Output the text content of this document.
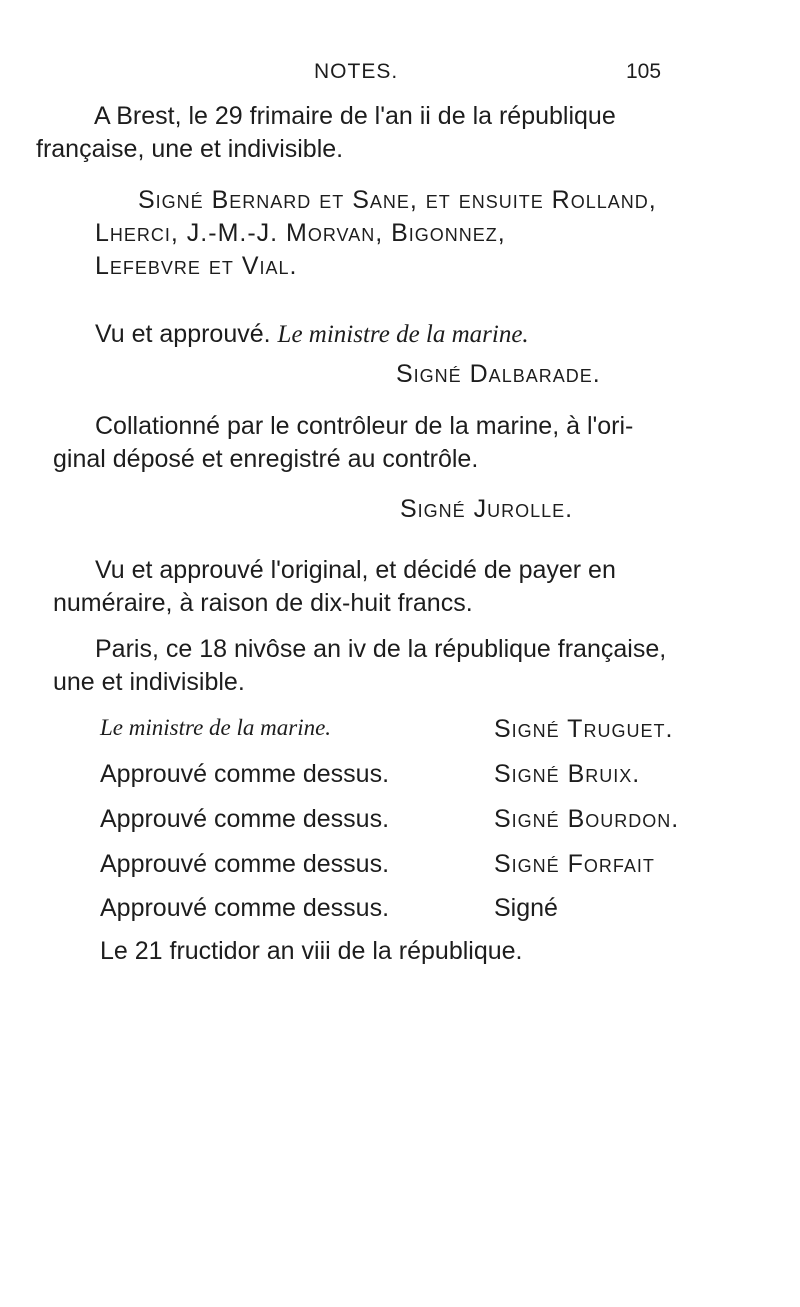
NOTES.	105
A Brest, le 29 frimaire de l'an ii de la république
française, une et indivisible.
Signé Bernard et Sane, et ensuite Rolland,
Lherci, J.-M.-J. Morvan, Bigonnez,
Lefebvre et Vial.
Vu et approuvé. Le ministre de la marine.
Signé Dalbarade.
Collationné par le contrôleur de la marine, à l'ori-
ginal déposé et enregistré au contrôle.
Signé Jurolle.
Vu et approuvé l'original, et décidé de payer en
numéraire, à raison de dix-huit francs.
Paris, ce 18 nivôse an iv de la république française,
une et indivisible.
Le ministre de la marine.	Signé Truguet.
Approuvé comme dessus.	Signé Bruix.
Approuvé comme dessus.	Signé Bourdon.
Approuvé comme dessus.	Signé Forfait
Approuvé comme dessus.	Signé
Le 21 fructidor an viii de la république.
